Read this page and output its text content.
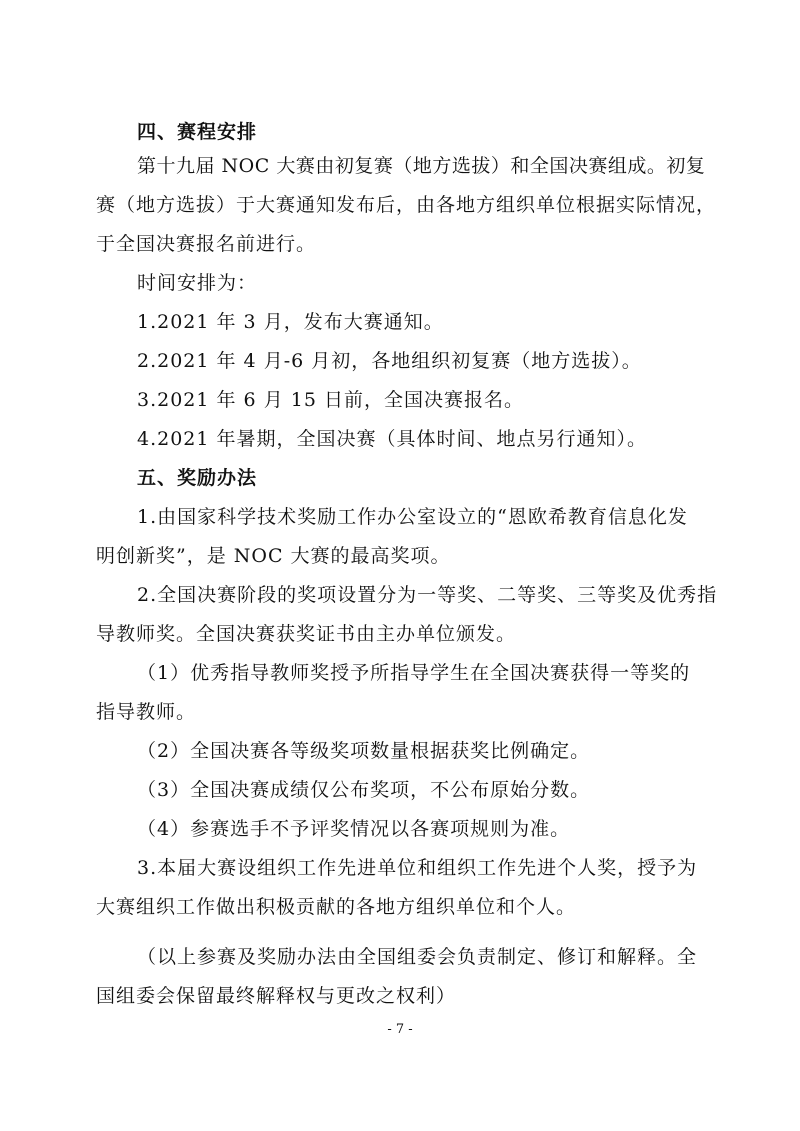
四、赛程安排
第十九届 NOC 大赛由初复赛（地方选拔）和全国决赛组成。初复
赛（地方选拔）于大赛通知发布后，由各地方组织单位根据实际情况，
于全国决赛报名前进行。
时间安排为：
1.2021 年 3 月，发布大赛通知。
2.2021 年 4 月-6 月初，各地组织初复赛（地方选拔）。
3.2021 年 6 月 15 日前，全国决赛报名。
4.2021 年暑期，全国决赛（具体时间、地点另行通知）。
五、奖励办法
1.由国家科学技术奖励工作办公室设立的“恩欧希教育信息化发
明创新奖”，是 NOC 大赛的最高奖项。
2.全国决赛阶段的奖项设置分为一等奖、二等奖、三等奖及优秀指
导教师奖。全国决赛获奖证书由主办单位颁发。
（1）优秀指导教师奖授予所指导学生在全国决赛获得一等奖的
指导教师。
（2）全国决赛各等级奖项数量根据获奖比例确定。
（3）全国决赛成绩仅公布奖项，不公布原始分数。
（4）参赛选手不予评奖情况以各赛项规则为准。
3.本届大赛设组织工作先进单位和组织工作先进个人奖，授予为
大赛组织工作做出积极贡献的各地方组织单位和个人。
（以上参赛及奖励办法由全国组委会负责制定、修订和解释。全
国组委会保留最终解释权与更改之权利）
- 7 -
